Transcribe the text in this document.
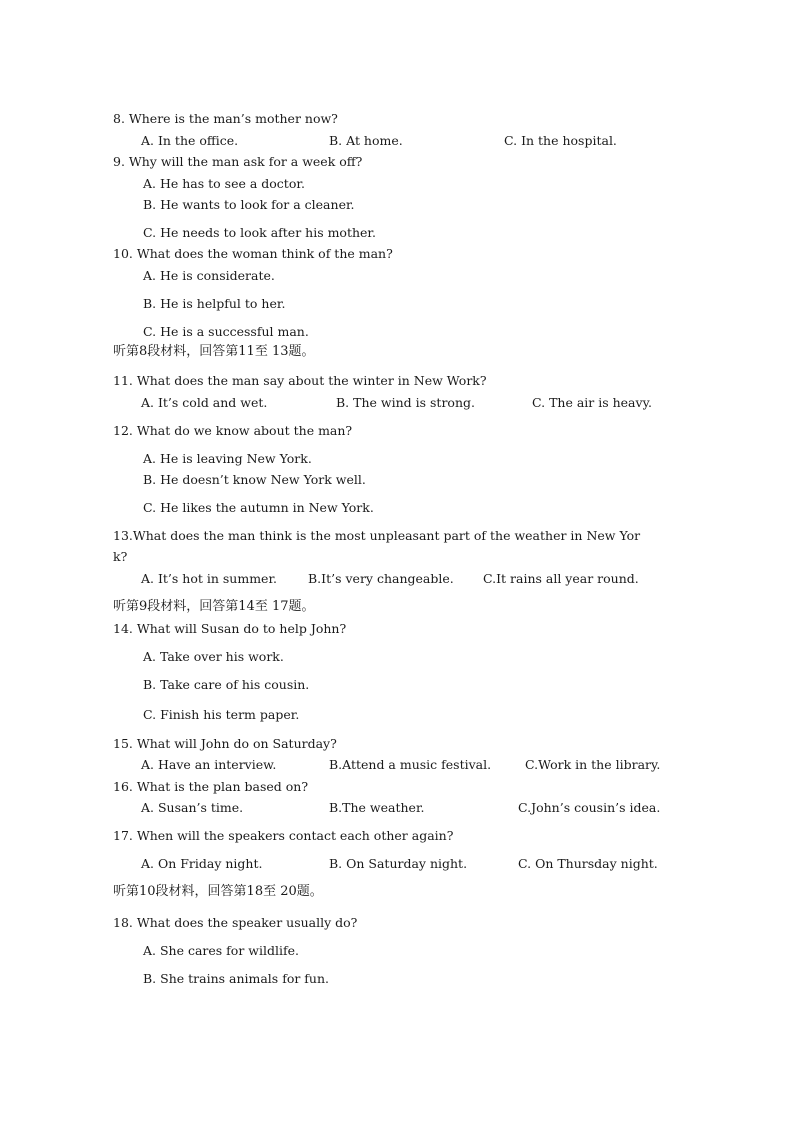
8. Where is the man’s mother now?
A. In the office.	B. At home.	C. In the hospital.
9. Why will the man ask for a week off?
A. He has to see a doctor.
B. He wants to look for a cleaner.
C. He needs to look after his mother.
10. What does the woman think of the man?
A. He is considerate.
B. He is helpful to her.
C. He is a successful man.
听第8段材料，回答第11至 13题。
11. What does the man say about the winter in New Work?
A. It’s cold and wet.	B. The wind is strong.	C. The air is heavy.
12. What do we know about the man?
A. He is leaving New York.
B. He doesn’t know New York well.
C. He likes the autumn in New York.
13.What does the man think is the most unpleasant part of the weather in New Yor
k?
A. It’s hot in summer. B.It’s very changeable. C.It rains all year round.
听第9段材料，回答第14至 17题。
14. What will Susan do to help John?
A. Take over his work.
B. Take care of his cousin.
C. Finish his term paper.
15. What will John do on Saturday?
A. Have an interview.	B.Attend a music festival.	C.Work in the library.
16. What is the plan based on?
A. Susan’s time.	B.The weather.	C.John’s cousin’s idea.
17. When will the speakers contact each other again?
A. On Friday night.	B. On Saturday night.	C. On Thursday night.
听第10段材料，回答第18至 20题。
18. What does the speaker usually do?
A. She cares for wildlife.
B. She trains animals for fun.
